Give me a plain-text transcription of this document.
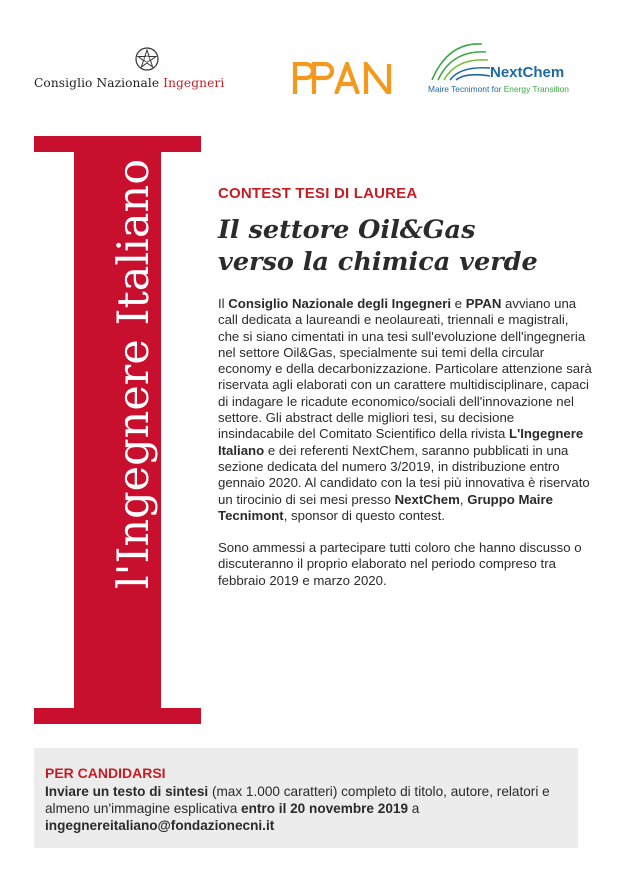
Consiglio Nazionale Ingegneri
NextChem
Maire Tecnimont for Energy Transition
l'Ingegnere Italiano	CONTEST TESI DI LAUREA
Il settore Oil&Gas
verso la chimica verde

Il Consiglio Nazionale degli Ingegneri e PPAN avviano una call dedicata a laureandi e neolaureati, triennali e magistrali, che si siano cimentati in una tesi sull'evoluzione dell'ingegneria nel settore Oil&Gas, specialmente sui temi della circular economy e della decarbonizzazione. Particolare attenzione sarà riservata agli elaborati con un carattere multidisciplinare, capaci di indagare le ricadute economico/sociali dell'innovazione nel settore. Gli abstract delle migliori tesi, su decisione insindacabile del Comitato Scientifico della rivista L'Ingegnere Italiano e dei referenti NextChem, saranno pubblicati in una sezione dedicata del numero 3/2019, in distribuzione entro gennaio 2020. Al candidato con la tesi più innovativa è riservato un tirocinio di sei mesi presso NextChem, Gruppo Maire Tecnimont, sponsor di questo contest.

Sono ammessi a partecipare tutti coloro che hanno discusso o discuteranno il proprio elaborato nel periodo compreso tra febbraio 2019 e marzo 2020.

PER CANDIDARSI
Inviare un testo di sintesi (max 1.000 caratteri) completo di titolo, autore, relatori e almeno un'immagine esplicativa entro il 20 novembre 2019 a
ingegnereitaliano@fondazionecni.it
